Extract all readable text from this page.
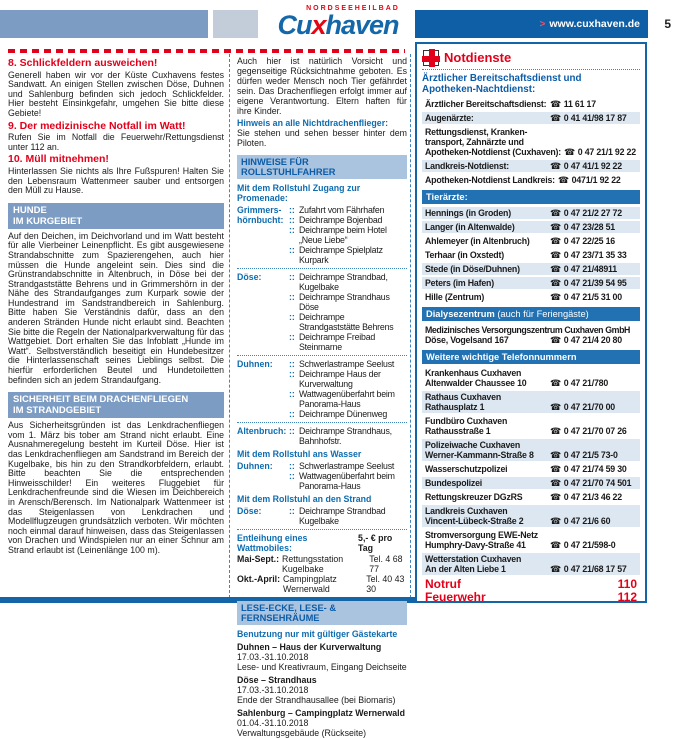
NORDSEEHEILBAD
Cuxhaven	> www.cuxhaven.de 5
8. Schlickfeldern ausweichen!
Generell haben wir vor der Küste Cuxhavens festes Sandwatt. An einigen Stellen zwischen Döse, Duhnen und Sahlenburg befinden sich jedoch Schlickfelder. Hier besteht Einsinkgefahr, umgehen Sie bitte diese Gebiete!
9. Der medizinische Notfall im Watt!
Rufen Sie im Notfall die Feuerwehr/Rettungsdienst unter 112 an.
10. Müll mitnehmen!
Hinterlassen Sie nichts als Ihre Fußspuren! Halten Sie den Lebensraum Wattenmeer sauber und entsorgen den Müll zu Hause.
HUNDE
IM KURGEBIET
Auf den Deichen, im Deichvorland und im Watt besteht für alle Vierbeiner Leinenpflicht. Es gibt ausgewiesene Strandabschnitte zum Spazierengehen, auch hier müssen die Hunde angeleint sein. Dies sind die Grünstrandabschnitte in Altenbruch, in Döse bei der Strandgaststätte Behrens und in Grimmershörn in der Nähe des Strandaufganges zum Kurpark sowie der Hundestrand im Sandstrandbereich in Sahlenburg. Bitte haben Sie Verständnis dafür, dass an den anderen Stränden Hunde nicht erlaubt sind. Beachten Sie bitte die Regeln der Nationalparkverwaltung für das Wattgebiet. Dort erhalten Sie das Infoblatt „Hunde im Watt“. Selbstverständlich beseitigt ein Hundebesitzer die Hinterlassenschaft seines Lieblings selbst. Die hierfür erforderlichen Beutel und Hundetoiletten befinden sich an jedem Strandaufgang.
SICHERHEIT BEIM DRACHENFLIEGEN
IM STRANDGEBIET
Aus Sicherheitsgründen ist das Lenkdrachenfliegen vom 1. März bis tober am Strand nicht erlaubt. Eine Ausnahmeregelung besteht im Kurteil Döse. Hier ist das Lenkdrachenfliegen am Sandstrand im Bereich der Kugelbake, bis hin zu den Strandkorbfeldern, erlaubt. Bitte beachten Sie die entsprechenden Hinweisschilder! Ein weiteres Fluggebiet für Lenkdrachenfreunde sind die Wiesen im Deichbereich in Arensch/Berensch. Im Nationalpark Wattenmeer ist das Steigenlassen von Lenkdrachen und Modellflugzeugen grundsätzlich verboten. Wir möchten noch einmal darauf hinweisen, dass das Steigenlassen von Drachen und Windspielen nur an einer Schnur am Strand erlaubt ist (Leinenlänge 100 m).
Auch hier ist natürlich Vorsicht und gegenseitige Rücksichtnahme geboten. Es dürfen weder Mensch noch Tier gefährdet sein. Das Drachenfliegen erfolgt immer auf eigene Verantwortung. Eltern haften für ihre Kinder.
Hinweis an alle Nichtdrachenflieger:
Sie stehen und sehen besser hinter dem Piloten.
HINWEISE FÜR ROLLSTUHLFAHRER
Mit dem Rollstuhl Zugang zur Promenade:
Grimmers-
hörnbucht:
:: Zufahrt vom Fährhafen
:: Deichrampe Bojenbad
:: Deichrampe beim Hotel „Neue Liebe“
:: Deichrampe Spielplatz Kurpark
Döse:	:: Deichrampe Strandbad, Kugelbake
:: Deichrampe Strandhaus Döse
:: Deichrampe Strandgaststätte Behrens
:: Deichrampe Freibad Steinmarne
Duhnen:	:: Schwerlastrampe Seelust
:: Deichrampe Haus der Kurverwaltung
:: Wattwagenüberfahrt beim Panorama-Haus
:: Deichrampe Dünenweg
Altenbruch: :: Deichrampe Strandhaus, Bahnhofstr.
Mit dem Rollstuhl ans Wasser
Duhnen:	:: Schwerlastrampe Seelust
:: Wattwagenüberfahrt beim Panorama-Haus
Mit dem Rollstuhl an den Strand
Döse:	:: Deichrampe Strandbad Kugelbake
Entleihung eines Wattmobiles:
5,- € pro Tag
Mai-Sept.: Rettungsstation Kugelbake
Tel. 4 68 77
Okt.-April: Campingplatz Wernerwald
Tel. 40 43 30
LESE-ECKE, LESE- & FERNSEHRÄUME
Benutzung nur mit gültiger Gästekarte
Duhnen – Haus der Kurverwaltung
17.03.-31.10.2018
Lese- und Kreativraum, Eingang Deichseite
Döse – Strandhaus
17.03.-31.10.2018
Ende der Strandhausallee (bei Biomaris)
Sahlenburg – Campingplatz Wernerwald
01.04.-31.10.2018
Verwaltungsgebäude (Rückseite)
Notdienste
Ärztlicher Bereitschaftsdienst und
Apotheken-Nachtdienst:
Ärztlicher Bereitschaftsdienst: ☎ 11 61 17
Augenärzte:	☎ 0 41 41/98 17 87
Rettungsdienst, Kranken-
transport, Zahnärzte und
Apotheken-Notdienst (Cuxhaven): ☎ 0 47 21/1 92 22
Landkreis-Notdienst:	☎ 0 47 41/1 92 22
Apotheken-Notdienst Landkreis: ☎ 0471/1 92 22
Tierärzte:
Hennings (in Groden)	☎ 0 47 21/2 27 72
Langer (in Altenwalde)	☎ 0 47 23/28 51
Ahlemeyer (in Altenbruch)	☎ 0 47 22/25 16
Terhaar (in Oxstedt)	☎ 0 47 23/71 35 33
Stede (in Döse/Duhnen)	☎ 0 47 21/48911
Peters (im Hafen)	☎ 0 47 21/39 54 95
Hille (Zentrum)	☎ 0 47 21/5 31 00
Dialysezentrum (auch für Feriengäste)
Medizinisches Versorgungszentrum Cuxhaven GmbH
Döse, Vogelsand 167	☎ 0 47 21/4 20 80
Weitere wichtige Telefonnummern
Krankenhaus Cuxhaven
Altenwalder Chaussee 10	☎ 0 47 21/780
Rathaus Cuxhaven
Rathausplatz 1	☎ 0 47 21/70 00
Fundbüro Cuxhaven
Rathausstraße 1	☎ 0 47 21/70 07 26
Polizeiwache Cuxhaven
Werner-Kammann-Straße 8	☎ 0 47 21/5 73-0
Wasserschutzpolizei	☎ 0 47 21/74 59 30
Bundespolizei	☎ 0 47 21/70 74 501
Rettungskreuzer DGzRS	☎ 0 47 21/3 46 22
Landkreis Cuxhaven
Vincent-Lübeck-Straße 2	☎ 0 47 21/6 60
Stromversorgung EWE-Netz
Humphry-Davy-Straße 41	☎ 0 47 21/598-0
Wetterstation Cuxhaven
An der Alten Liebe 1	☎ 0 47 21/68 17 57
Notruf	110
Feuerwehr	112
